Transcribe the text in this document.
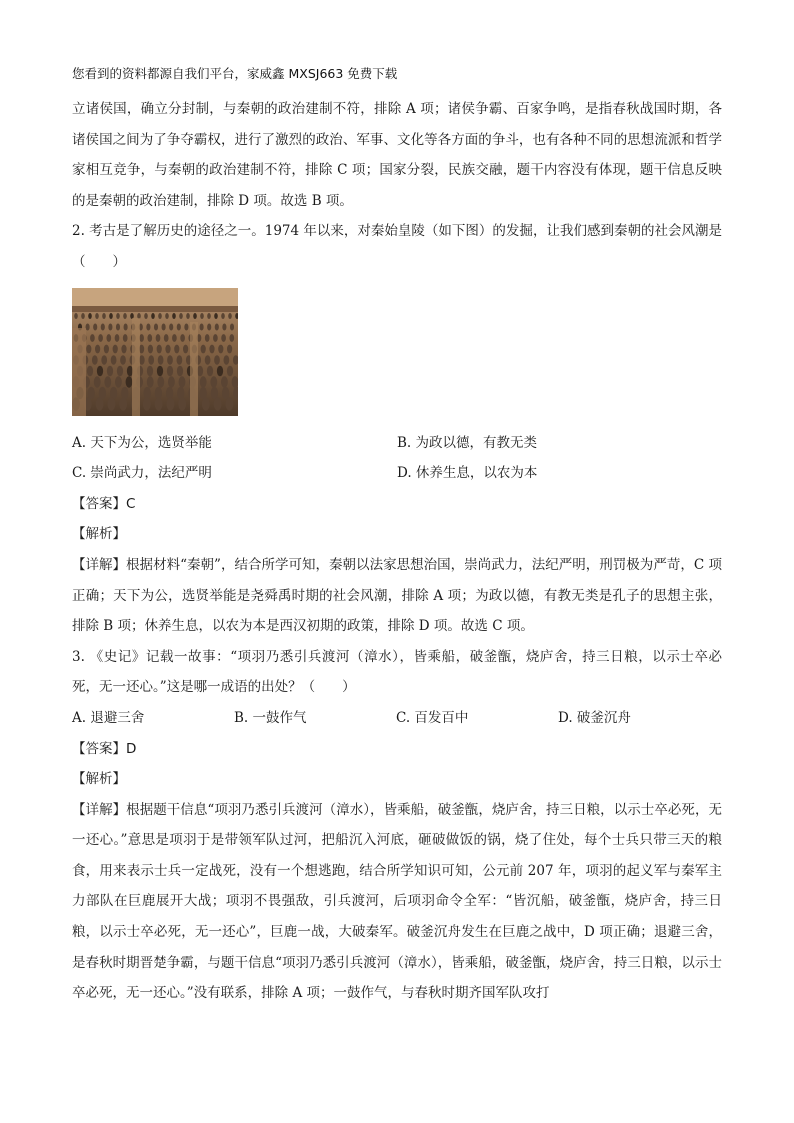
您看到的资料都源自我们平台，家威鑫 MXSJ663 免费下载

立诸侯国，确立分封制，与秦朝的政治建制不符，排除 A 项；诸侯争霸、百家争鸣，是指春秋战国时期，各诸侯国之间为了争夺霸权，进行了激烈的政治、军事、文化等各方面的争斗，也有各种不同的思想流派和哲学家相互竞争，与秦朝的政治建制不符，排除 C 项；国家分裂，民族交融，题干内容没有体现，题干信息反映的是秦朝的政治建制，排除 D 项。故选 B 项。

2. 考古是了解历史的途径之一。1974 年以来，对秦始皇陵（如下图）的发掘，让我们感到秦朝的社会风潮是（　　）

A. 天下为公，选贤举能	B. 为政以德，有教无类
C. 崇尚武力，法纪严明	D. 休养生息，以农为本

【答案】C

【解析】

【详解】根据材料“秦朝”，结合所学可知，秦朝以法家思想治国，崇尚武力，法纪严明，刑罚极为严苛，C 项正确；天下为公，选贤举能是尧舜禹时期的社会风潮，排除 A 项；为政以德，有教无类是孔子的思想主张，排除 B 项；休养生息，以农为本是西汉初期的政策，排除 D 项。故选 C 项。

3. 《史记》记载一故事：“项羽乃悉引兵渡河（漳水），皆乘船，破釜甑，烧庐舍，持三日粮，以示士卒必死，无一还心。”这是哪一成语的出处？（　　）

A. 退避三舍	B. 一鼓作气	C. 百发百中	D. 破釜沉舟

【答案】D

【解析】

【详解】根据题干信息“项羽乃悉引兵渡河（漳水），皆乘船，破釜甑，烧庐舍，持三日粮，以示士卒必死，无一还心。”意思是项羽于是带领军队过河，把船沉入河底，砸破做饭的锅，烧了住处，每个士兵只带三天的粮食，用来表示士兵一定战死，没有一个想逃跑，结合所学知识可知，公元前 207 年，项羽的起义军与秦军主力部队在巨鹿展开大战；项羽不畏强敌，引兵渡河，后项羽命令全军：“皆沉船，破釜甑，烧庐舍，持三日粮，以示士卒必死，无一还心”，巨鹿一战，大破秦军。破釜沉舟发生在巨鹿之战中，D 项正确；退避三舍，是春秋时期晋楚争霸，与题干信息“项羽乃悉引兵渡河（漳水），皆乘船，破釜甑，烧庐舍，持三日粮，以示士卒必死，无一还心。”没有联系，排除 A 项；一鼓作气，与春秋时期齐国军队攻打
